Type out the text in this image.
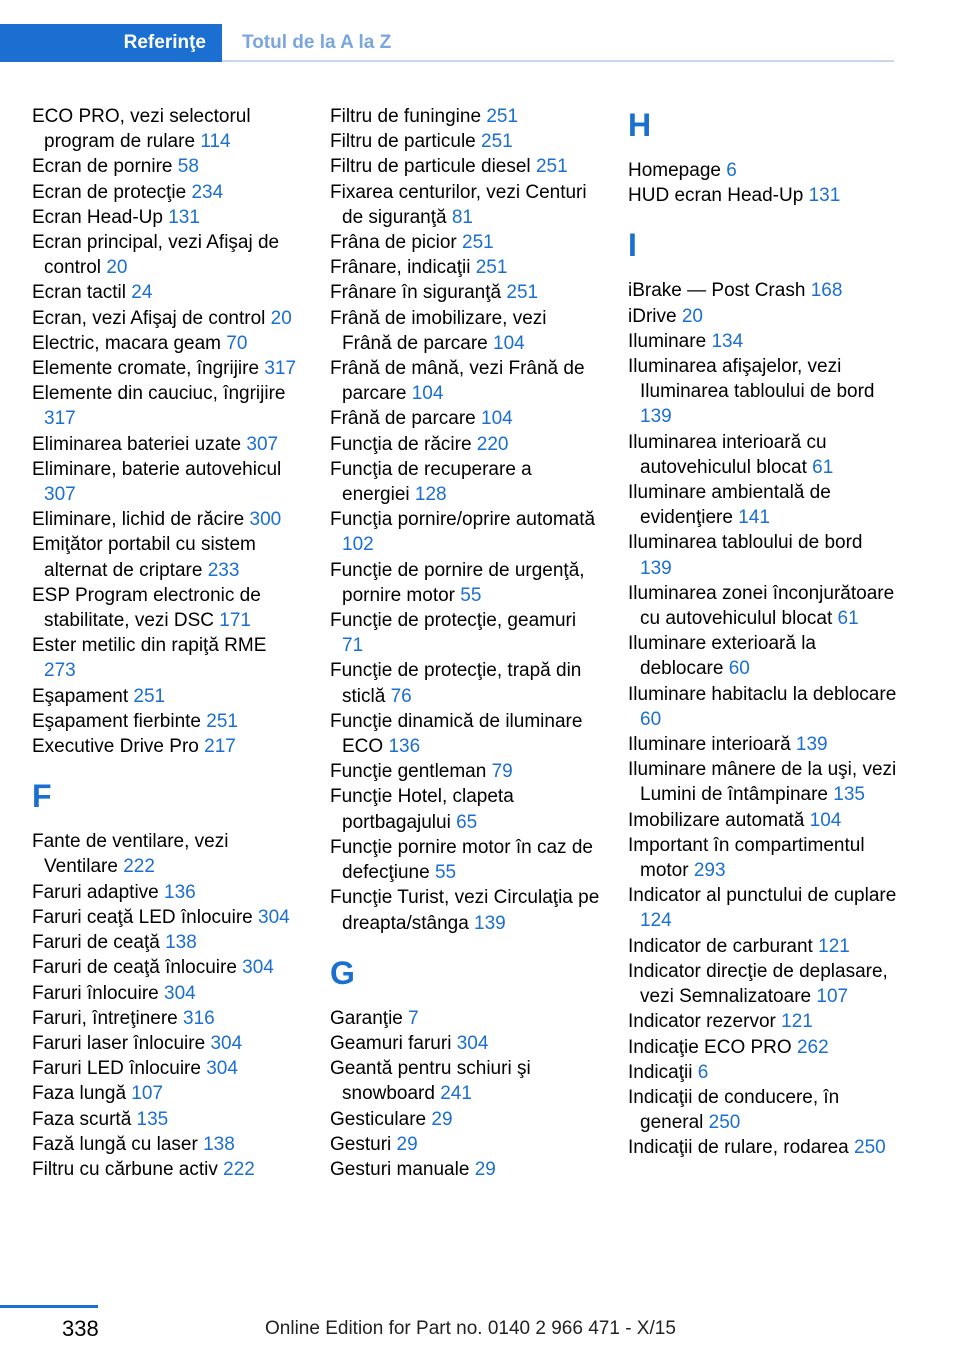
Referinţe	Totul de la A la Z
ECO PRO, vezi selectorul program de rulare 114
Ecran de pornire 58
Ecran de protecţie 234
Ecran Head-Up 131
Ecran principal, vezi Afişaj de control 20
Ecran tactil 24
Ecran, vezi Afişaj de control 20
Electric, macara geam 70
Elemente cromate, îngrijire 317
Elemente din cauciuc, îngrijire 317
Eliminarea bateriei uzate 307
Eliminare, baterie autovehicul 307
Eliminare, lichid de răcire 300
Emiţător portabil cu sistem alternat de criptare 233
ESP Program electronic de stabilitate, vezi DSC 171
Ester metilic din rapiţă RME 273
Eşapament 251
Eşapament fierbinte 251
Executive Drive Pro 217
F
Fante de ventilare, vezi Ventilare 222
Faruri adaptive 136
Faruri ceaţă LED înlocuire 304
Faruri de ceaţă 138
Faruri de ceaţă înlocuire 304
Faruri înlocuire 304
Faruri, întreţinere 316
Faruri laser înlocuire 304
Faruri LED înlocuire 304
Faza lungă 107
Faza scurtă 135
Fază lungă cu laser 138
Filtru cu cărbune activ 222
Filtru de funingine 251
Filtru de particule 251
Filtru de particule diesel 251
Fixarea centurilor, vezi Centuri de siguranţă 81
Frâna de picior 251
Frânare, indicaţii 251
Frânare în siguranţă 251
Frână de imobilizare, vezi Frână de parcare 104
Frână de mână, vezi Frână de parcare 104
Frână de parcare 104
Funcţia de răcire 220
Funcţia de recuperare a energiei 128
Funcţia pornire/oprire automată 102
Funcţie de pornire de urgenţă, pornire motor 55
Funcţie de protecţie, geamuri 71
Funcţie de protecţie, trapă din sticlă 76
Funcţie dinamică de iluminare ECO 136
Funcţie gentleman 79
Funcţie Hotel, clapeta portbagajului 65
Funcţie pornire motor în caz de defecţiune 55
Funcţie Turist, vezi Circulaţia pe dreapta/stânga 139
G
Garanţie 7
Geamuri faruri 304
Geantă pentru schiuri şi snowboard 241
Gesticulare 29
Gesturi 29
Gesturi manuale 29
H
Homepage 6
HUD ecran Head-Up 131
I
iBrake — Post Crash 168
iDrive 20
Iluminare 134
Iluminarea afişajelor, vezi Iluminarea tabloului de bord 139
Iluminarea interioară cu autovehiculul blocat 61
Iluminare ambientală de evidenţiere 141
Iluminarea tabloului de bord 139
Iluminarea zonei înconjurătoare cu autovehiculul blocat 61
Iluminare exterioară la deblocare 60
Iluminare habitaclu la deblocare 60
Iluminare interioară 139
Iluminare mânere de la uşi, vezi Lumini de întâmpinare 135
Imobilizare automată 104
Important în compartimentul motor 293
Indicator al punctului de cuplare 124
Indicator de carburant 121
Indicator direcţie de deplasare, vezi Semnalizatoare 107
Indicator rezervor 121
Indicaţie ECO PRO 262
Indicaţii 6
Indicaţii de conducere, în general 250
Indicaţii de rulare, rodarea 250
338	Online Edition for Part no. 0140 2 966 471 - X/15
